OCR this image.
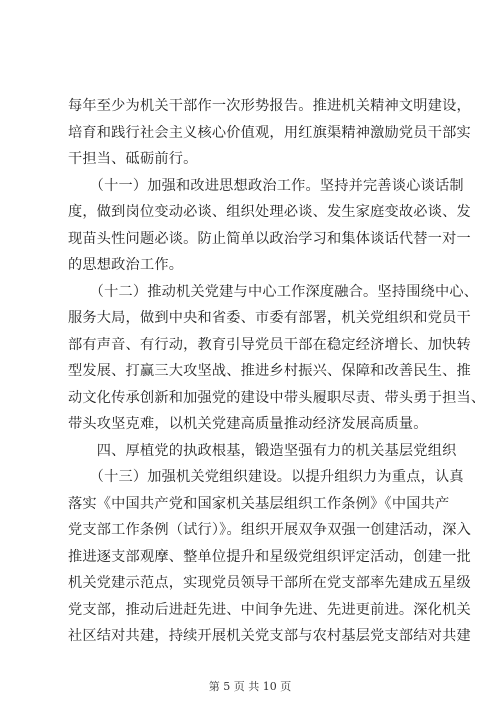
每年至少为机关干部作一次形势报告。推进机关精神文明建设，
培育和践行社会主义核心价值观，用红旗渠精神激励党员干部实
干担当、砥砺前行。
　　（十一）加强和改进思想政治工作。坚持并完善谈心谈话制
度，做到岗位变动必谈、组织处理必谈、发生家庭变故必谈、发
现苗头性问题必谈。防止简单以政治学习和集体谈话代替一对一
的思想政治工作。
　　（十二）推动机关党建与中心工作深度融合。坚持围绕中心、
服务大局，做到中央和省委、市委有部署，机关党组织和党员干
部有声音、有行动，教育引导党员干部在稳定经济增长、加快转
型发展、打赢三大攻坚战、推进乡村振兴、保障和改善民生、推
动文化传承创新和加强党的建设中带头履职尽责、带头勇于担当、
带头攻坚克难，以机关党建高质量推动经济发展高质量。
　　四、厚植党的执政根基，锻造坚强有力的机关基层党组织
　　（十三）加强机关党组织建设。以提升组织力为重点，认真
落实《中国共产党和国家机关基层组织工作条例》《中国共产
党支部工作条例（试行）》。组织开展双争双强一创建活动，深入
推进逐支部观摩、整单位提升和星级党组织评定活动，创建一批
机关党建示范点，实现党员领导干部所在党支部率先建成五星级
党支部，推动后进赶先进、中间争先进、先进更前进。深化机关
社区结对共建，持续开展机关党支部与农村基层党支部结对共建
第 5 页 共 10 页
